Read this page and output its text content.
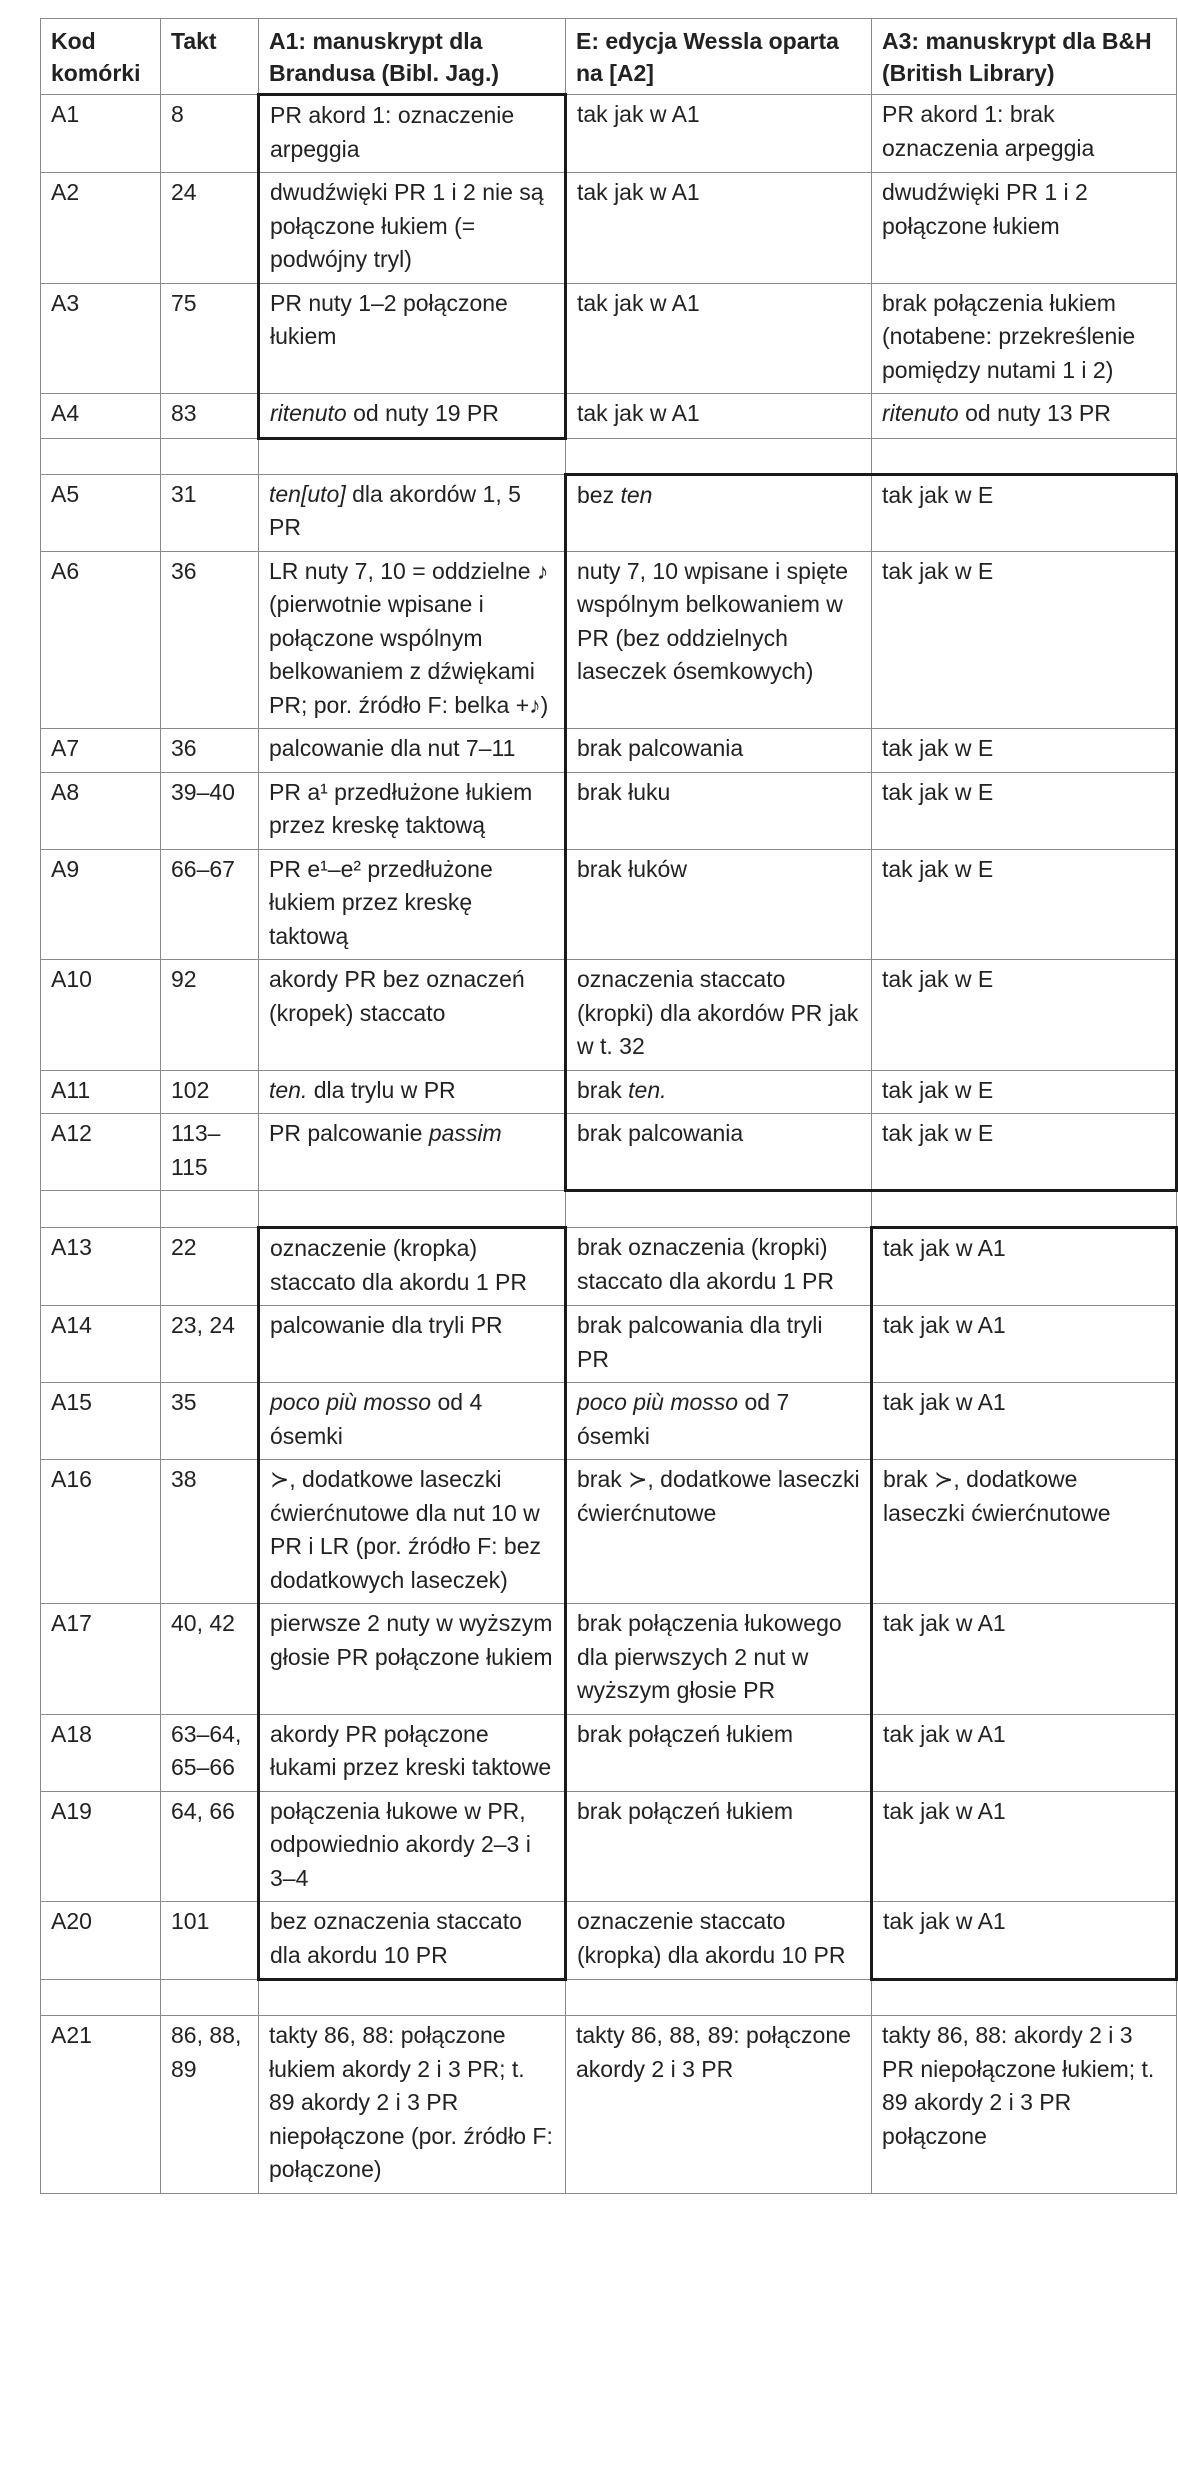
Kod komórki	Takt	A1: manuskrypt dla Brandusa (Bibl. Jag.)	E: edycja Wessla oparta na [A2]	A3: manuskrypt dla B&H (British Library)
A1	8	PR akord 1: oznaczenie arpeggia	tak jak w A1	PR akord 1: brak oznaczenia arpeggia
A2	24	dwudźwięki PR 1 i 2 nie są połączone łukiem (= podwójny tryl)	tak jak w A1	dwudźwięki PR 1 i 2 połączone łukiem
A3	75	PR nuty 1–2 połączone łukiem	tak jak w A1	brak połączenia łukiem (notabene: przekreślenie pomiędzy nutami 1 i 2)
A4	83	ritenuto od nuty 19 PR	tak jak w A1	ritenuto od nuty 13 PR

A5	31	ten[uto] dla akordów 1, 5 PR	bez ten	tak jak w E
A6	36	LR nuty 7, 10 = oddzielne ♪ (pierwotnie wpisane i połączone wspólnym belkowaniem z dźwiękami PR; por. źródło F: belka +♪)	nuty 7, 10 wpisane i spięte wspólnym belkowaniem w PR (bez oddzielnych laseczek ósemkowych)	tak jak w E
A7	36	palcowanie dla nut 7–11	brak palcowania	tak jak w E
A8	39–40	PR a¹ przedłużone łukiem przez kreskę taktową	brak łuku	tak jak w E
A9	66–67	PR e¹–e² przedłużone łukiem przez kreskę taktową	brak łuków	tak jak w E
A10	92	akordy PR bez oznaczeń (kropek) staccato	oznaczenia staccato (kropki) dla akordów PR jak w t. 32	tak jak w E
A11	102	ten. dla trylu w PR	brak ten.	tak jak w E
A12	113–115	PR palcowanie passim	brak palcowania	tak jak w E

A13	22	oznaczenie (kropka) staccato dla akordu 1 PR	brak oznaczenia (kropki) staccato dla akordu 1 PR	tak jak w A1
A14	23, 24	palcowanie dla tryli PR	brak palcowania dla tryli PR	tak jak w A1
A15	35	poco più mosso od 4 ósemki	poco più mosso od 7 ósemki	tak jak w A1
A16	38	≻, dodatkowe laseczki ćwierćnutowe dla nut 10 w PR i LR (por. źródło F: bez dodatkowych laseczek)	brak ≻, dodatkowe laseczki ćwierćnutowe	brak ≻, dodatkowe laseczki ćwierćnutowe
A17	40, 42	pierwsze 2 nuty w wyższym głosie PR połączone łukiem	brak połączenia łukowego dla pierwszych 2 nut w wyższym głosie PR	tak jak w A1
A18	63–64, 65–66	akordy PR połączone łukami przez kreski taktowe	brak połączeń łukiem	tak jak w A1
A19	64, 66	połączenia łukowe w PR, odpowiednio akordy 2–3 i 3–4	brak połączeń łukiem	tak jak w A1
A20	101	bez oznaczenia staccato dla akordu 10 PR	oznaczenie staccato (kropka) dla akordu 10 PR	tak jak w A1

A21	86, 88, 89	takty 86, 88: połączone łukiem akordy 2 i 3 PR; t. 89 akordy 2 i 3 PR niepołączone (por. źródło F: połączone)	takty 86, 88, 89: połączone akordy 2 i 3 PR	takty 86, 88: akordy 2 i 3 PR niepołączone łukiem; t. 89 akordy 2 i 3 PR połączone
